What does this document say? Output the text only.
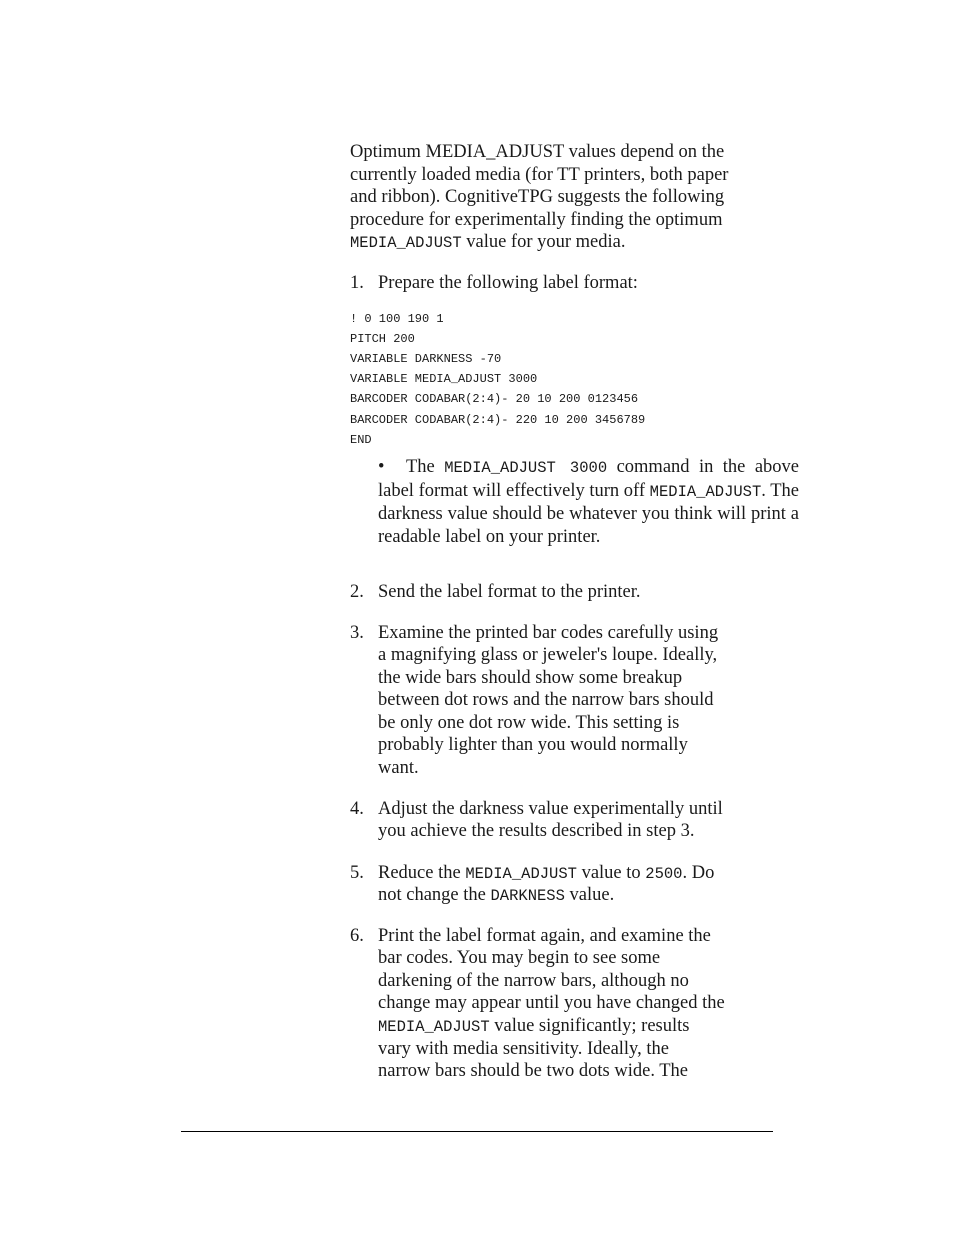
Optimum MEDIA_ADJUST values depend on the
currently loaded media (for TT printers, both paper
and ribbon). CognitiveTPG suggests the following
procedure for experimentally finding the optimum
MEDIA_ADJUST value for your media.
1. Prepare the following label format:
! 0 100 190 1
PITCH 200
VARIABLE DARKNESS -70
VARIABLE MEDIA_ADJUST 3000
BARCODER CODABAR(2:4)- 20 10 200 0123456
BARCODER CODABAR(2:4)- 220 10 200 3456789
END
•	The MEDIA_ADJUST 3000 command in the above label format will effectively turn off MEDIA_ADJUST. The darkness value should be whatever you think will print a readable label on your printer.
2. Send the label format to the printer.
3. Examine the printed bar codes carefully using
a magnifying glass or jeweler's loupe. Ideally,
the wide bars should show some breakup
between dot rows and the narrow bars should
be only one dot row wide. This setting is
probably lighter than you would normally
want.
4. Adjust the darkness value experimentally until
you achieve the results described in step 3.
5. Reduce the MEDIA_ADJUST value to 2500. Do
not change the DARKNESS value.
6. Print the label format again, and examine the
bar codes. You may begin to see some
darkening of the narrow bars, although no
change may appear until you have changed the
MEDIA_ADJUST value significantly; results
vary with media sensitivity. Ideally, the
narrow bars should be two dots wide. The
